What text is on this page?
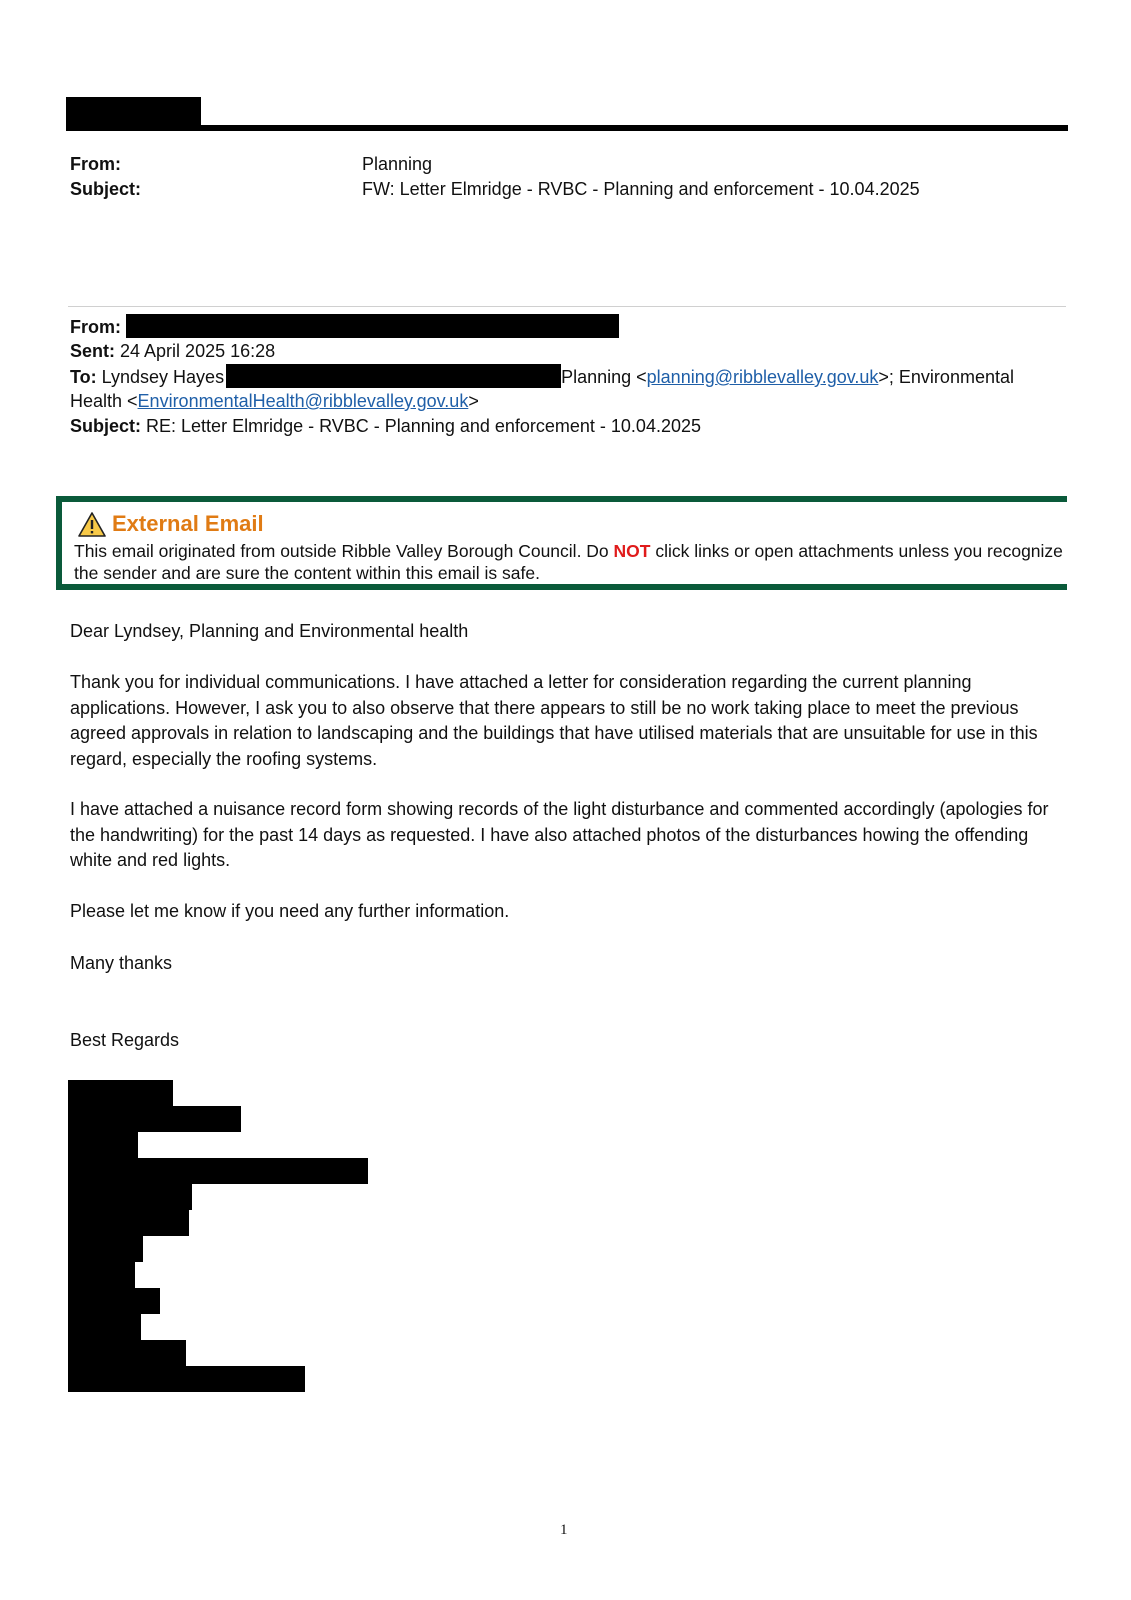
From:	Planning
Subject:	FW: Letter Elmridge - RVBC - Planning and enforcement - 10.04.2025
From:
Sent: 24 April 2025 16:28
To: Lyndsey Hayes	Planning <planning@ribblevalley.gov.uk>; Environmental
Health <EnvironmentalHealth@ribblevalley.gov.uk>
Subject: RE: Letter Elmridge - RVBC - Planning and enforcement - 10.04.2025
External Email
This email originated from outside Ribble Valley Borough Council. Do NOT click links or open attachments unless you recognize the sender and are sure the content within this email is safe.
Dear Lyndsey, Planning and Environmental health
Thank you for individual communications. I have attached a letter for consideration regarding the current planning applications. However, I ask you to also observe that there appears to still be no work taking place to meet the previous agreed approvals in relation to landscaping and the buildings that have utilised materials that are unsuitable for use in this regard, especially the roofing systems.
I have attached a nuisance record form showing records of the light disturbance and commented accordingly (apologies for the handwriting) for the past 14 days as requested. I have also attached photos of the disturbances howing the offending white and red lights.
Please let me know if you need any further information.
Many thanks
Best Regards
1
